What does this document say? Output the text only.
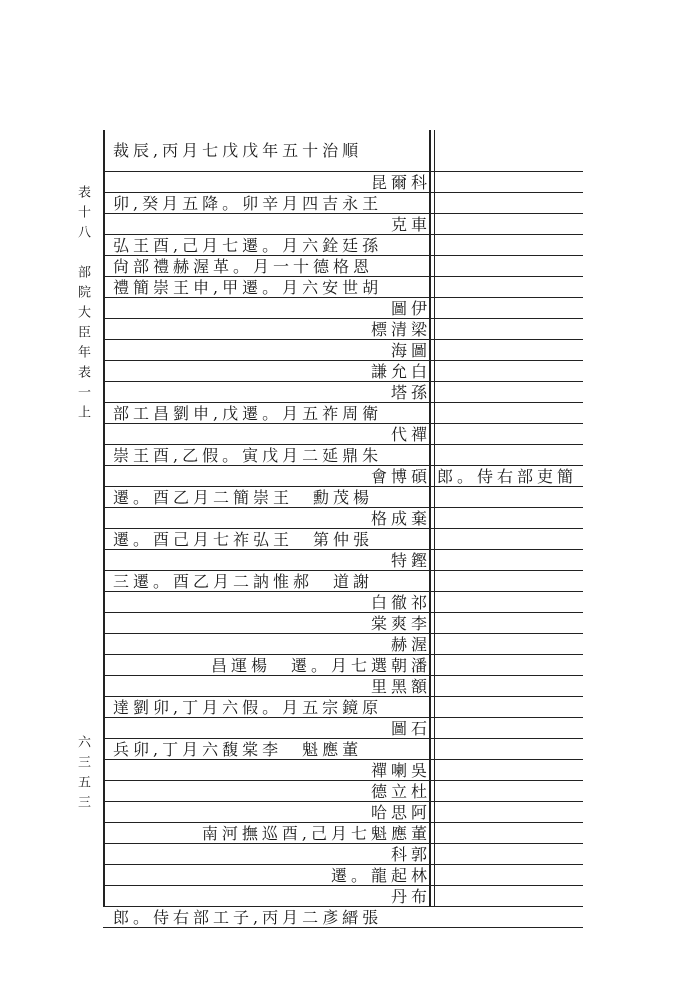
表十八　部院大臣年表一上
六三五三
裁辰,丙月七戊戊年五十治順
昆爾科
卯,癸月五降。卯辛月四吉永王
克車
弘王酉,己月七遷。月六銓廷孫
尙部禮赫渥革。月一十德格恩
禮簡崇王申,甲遷。月六安世胡
圖伊
標清梁
海圖
謙允白
塔孫
部工昌劉申,戊遷。月五祚周衛
代禪
崇王酉,乙假。寅戊月二延鼎朱
會博碩
遷。酉乙月二簡崇王　勳茂楊
格成棄
遷。酉己月七祚弘王　第仲張
特鏗
三遷。酉乙月二訥惟郝　道謝
白徹祁
棠爽李
赫渥
昌運楊　遷。月七選朝潘
里黑額
達劉卯,丁月六假。月五宗鏡原
圖石
兵卯,丁月六馥棠李　魁應董
禪喇吳
德立杜
哈思阿
南河撫巡酉,己月七魁應董
科郭
遷。龍起林
丹布
郎。侍右部工子,丙月二彥縉張
郎。侍右部吏簡
